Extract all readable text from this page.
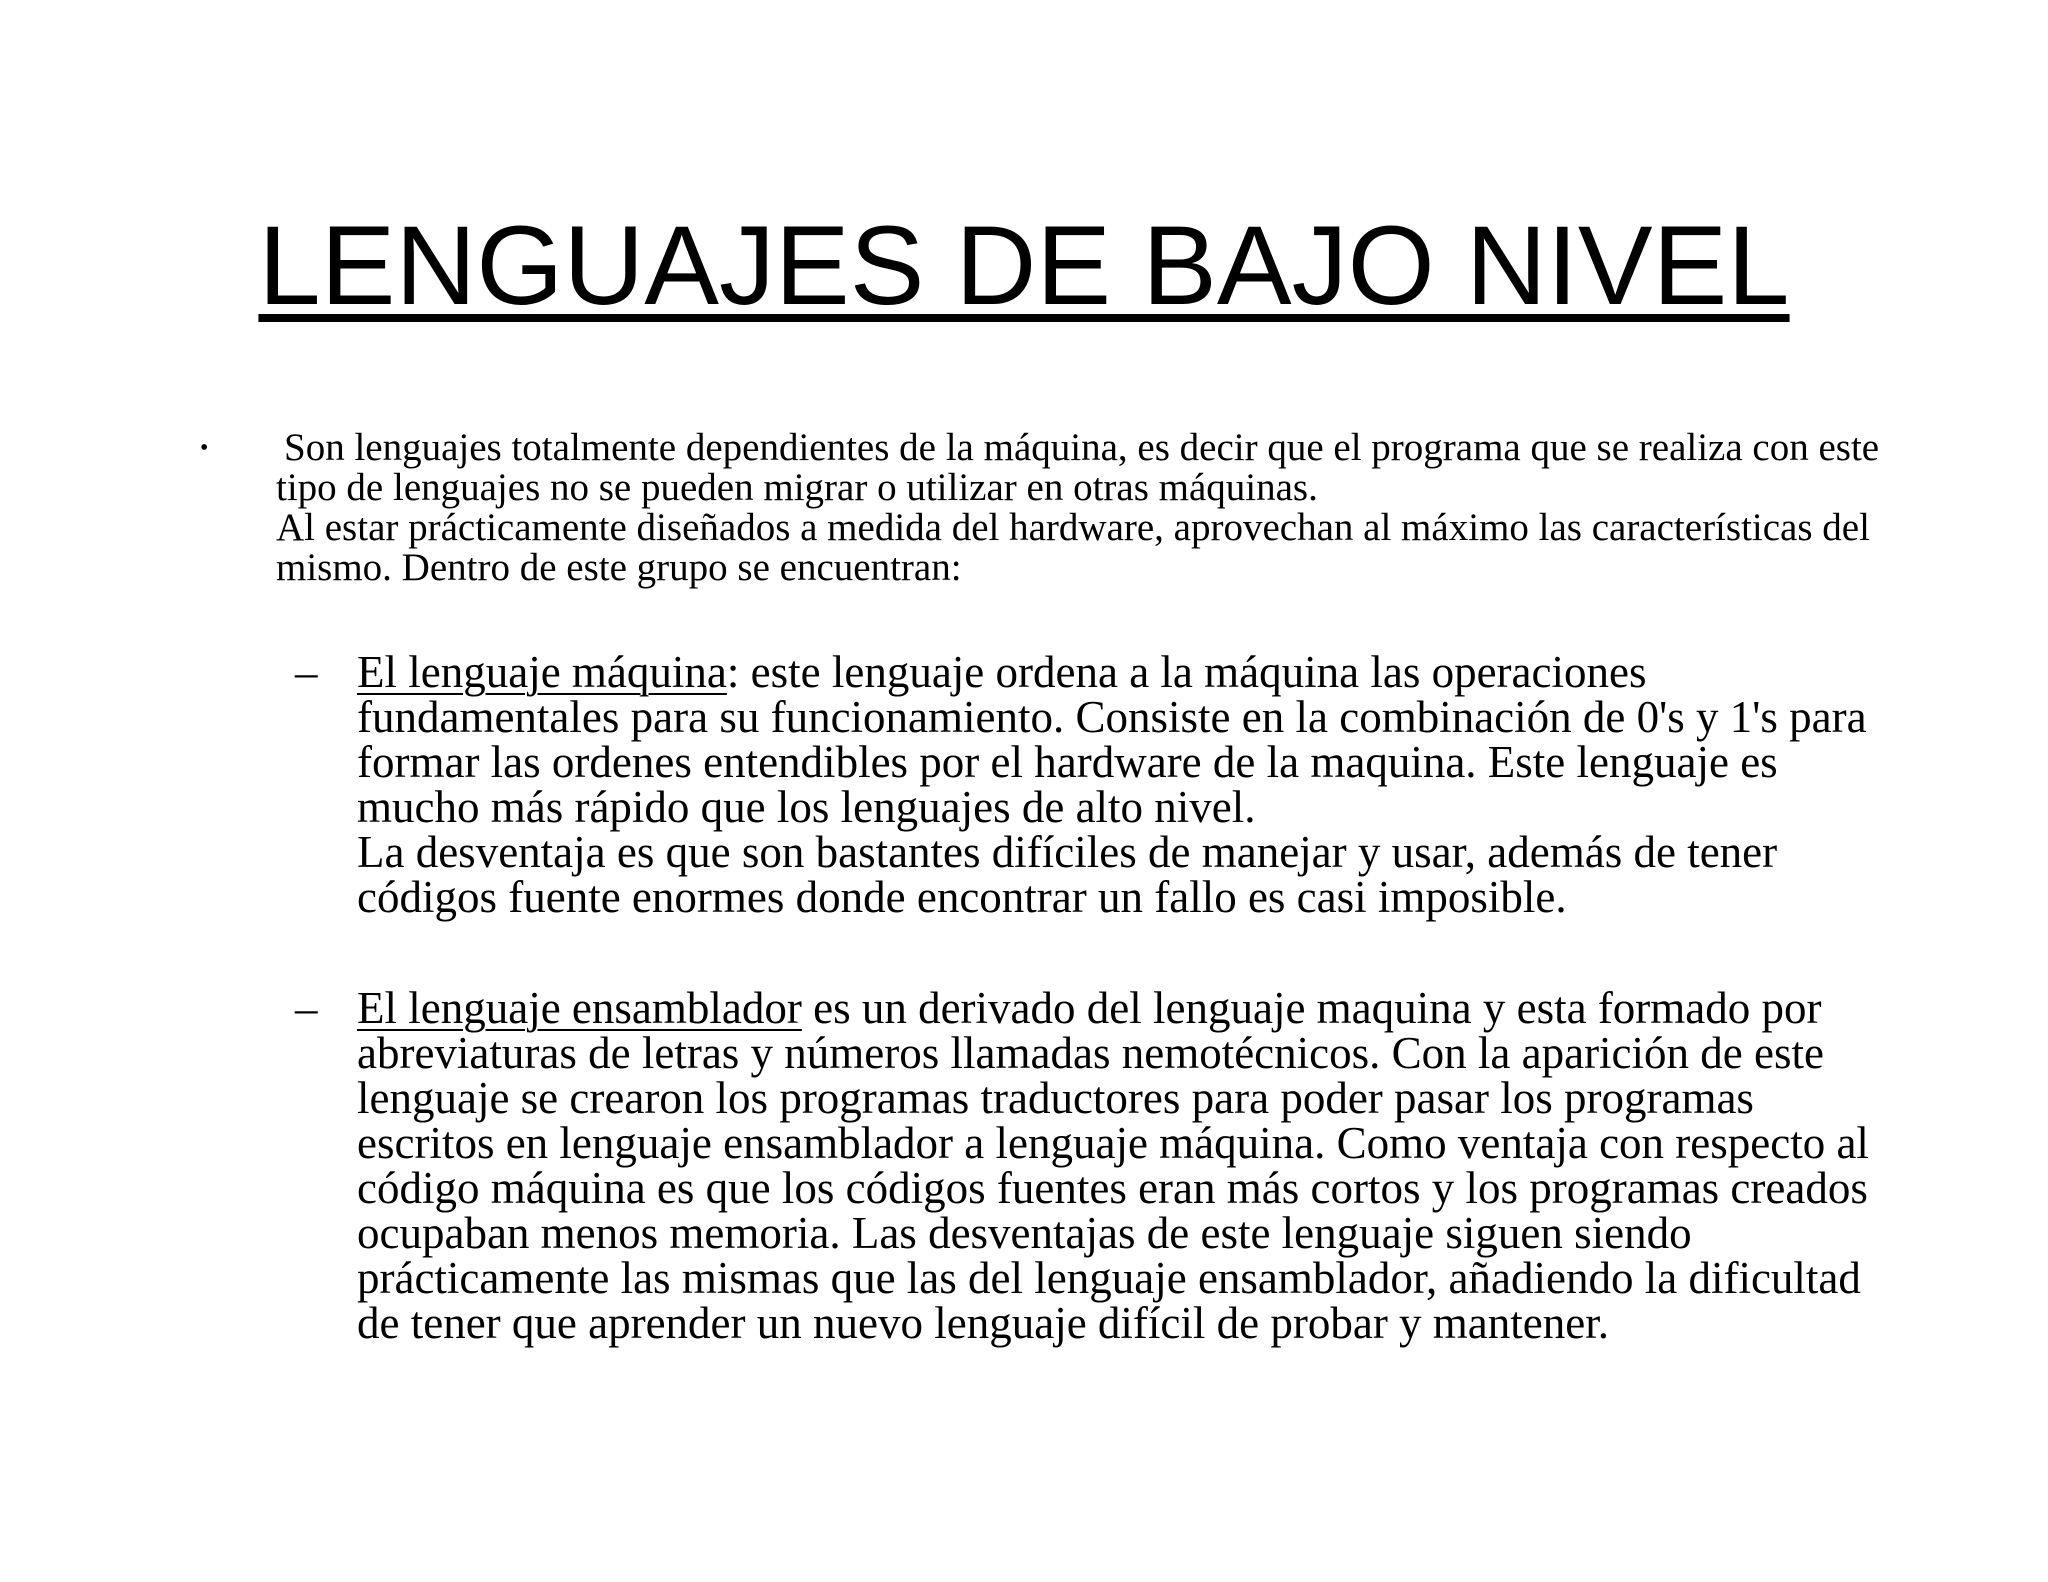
LENGUAJES DE BAJO NIVEL
• Son lenguajes totalmente dependientes de la máquina, es decir que el programa que se realiza con este tipo de lenguajes no se pueden migrar o utilizar en otras máquinas.

Al estar prácticamente diseñados a medida del hardware, aprovechan al máximo las características del mismo. Dentro de este grupo se encuentran:

– El lenguaje máquina: este lenguaje ordena a la máquina las operaciones fundamentales para su funcionamiento. Consiste en la combinación de 0's y 1's para formar las ordenes entendibles por el hardware de la maquina. Este lenguaje es mucho más rápido que los lenguajes de alto nivel.

La desventaja es que son bastantes difíciles de manejar y usar, además de tener códigos fuente enormes donde encontrar un fallo es casi imposible.

– El lenguaje ensamblador es un derivado del lenguaje maquina y esta formado por abreviaturas de letras y números llamadas nemotécnicos. Con la aparición de este lenguaje se crearon los programas traductores para poder pasar los programas escritos en lenguaje ensamblador a lenguaje máquina. Como ventaja con respecto al código máquina es que los códigos fuentes eran más cortos y los programas creados ocupaban menos memoria. Las desventajas de este lenguaje siguen siendo prácticamente las mismas que las del lenguaje ensamblador, añadiendo la dificultad de tener que aprender un nuevo lenguaje difícil de probar y mantener.
